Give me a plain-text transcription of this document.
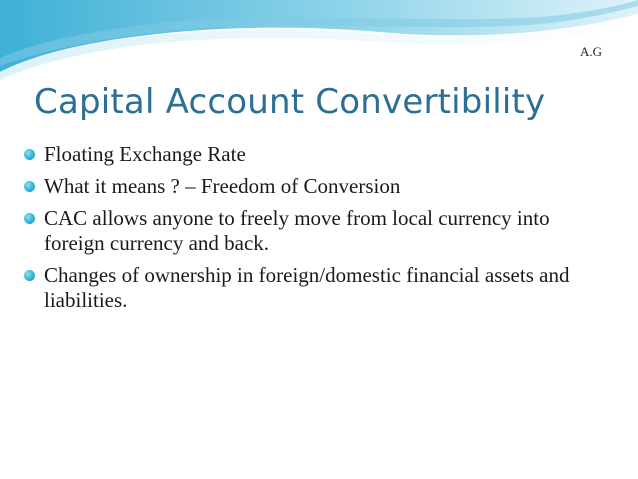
A.G
Capital Account Convertibility
Floating Exchange Rate
What it means ? – Freedom of Conversion
CAC allows anyone to freely move from local currency into foreign currency and back.
Changes of ownership in foreign/domestic financial assets and liabilities.
